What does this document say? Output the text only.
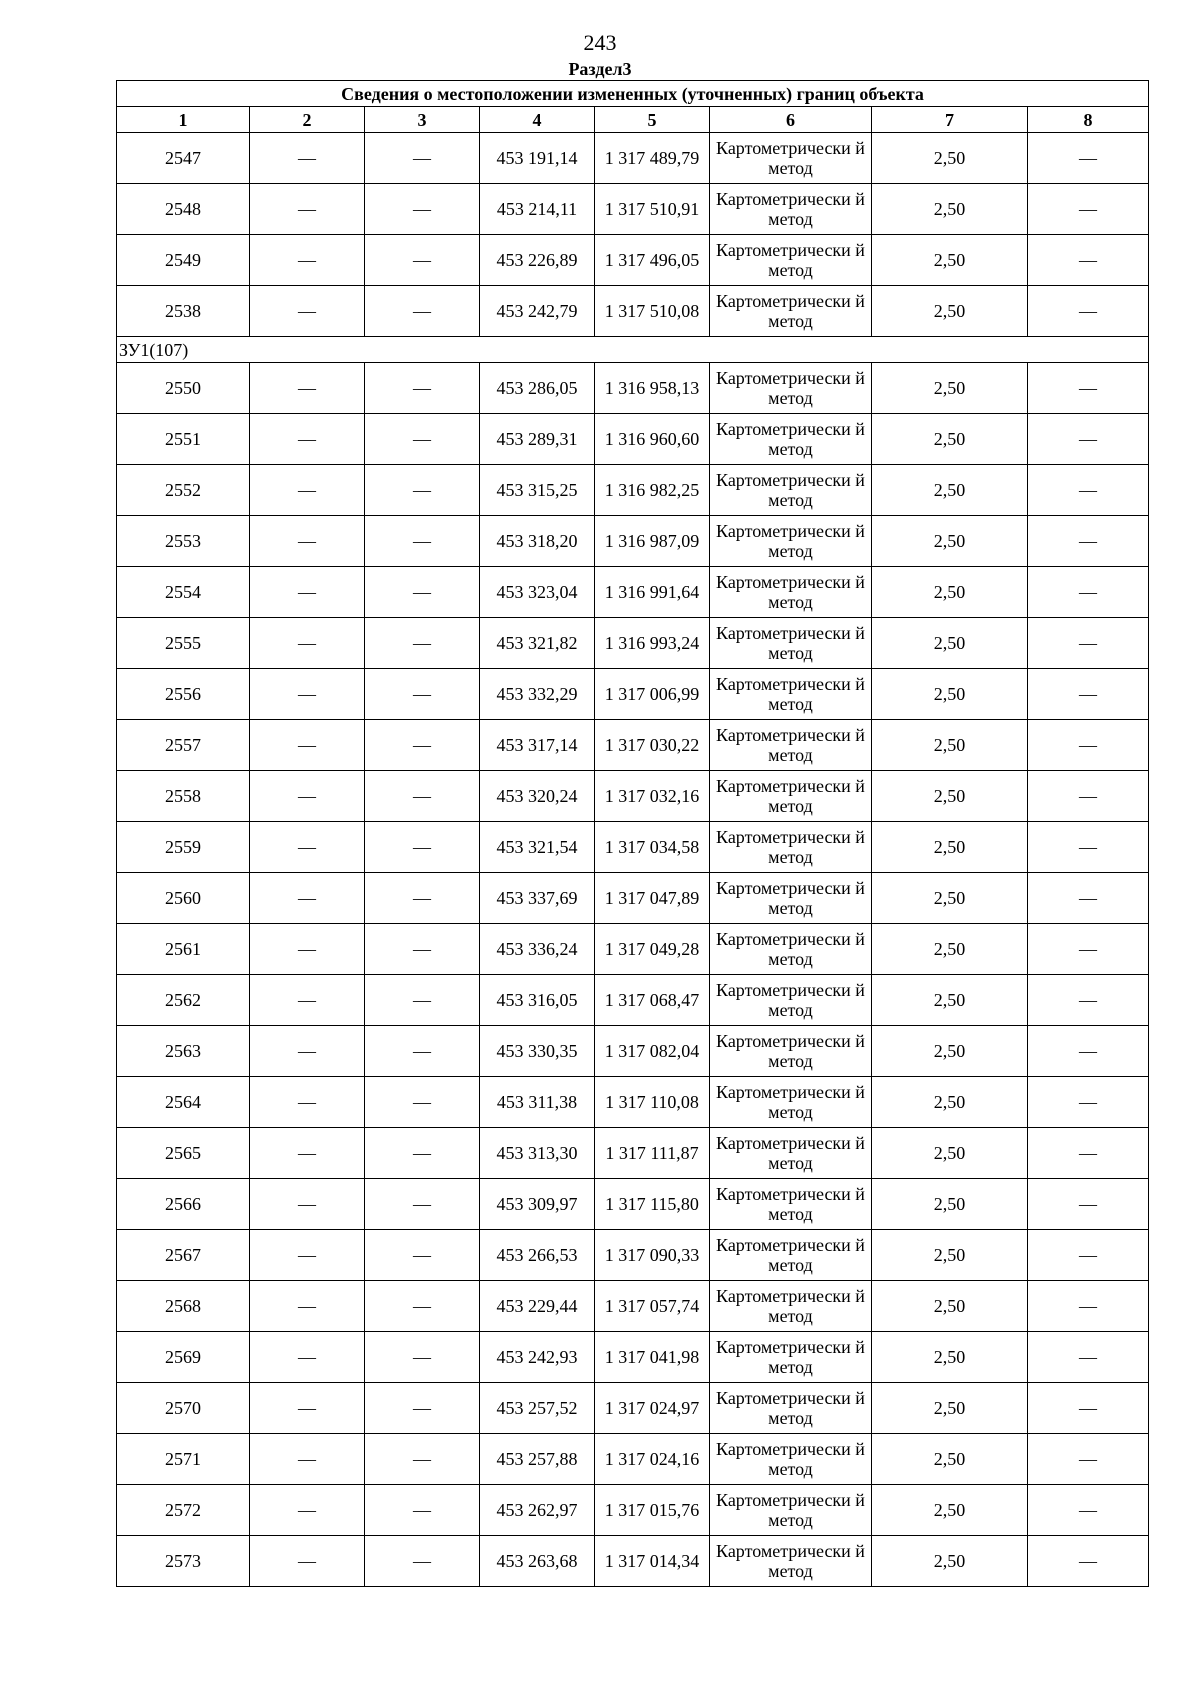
243
Раздел3
Сведения о местоположении измененных (уточненных) границ объекта							
1	2	3	4	5	6	7	8
2547	—	—	453 191,14	1 317 489,79	Картометрически й метод	2,50	—
2548	—	—	453 214,11	1 317 510,91	Картометрически й метод	2,50	—
2549	—	—	453 226,89	1 317 496,05	Картометрически й метод	2,50	—
2538	—	—	453 242,79	1 317 510,08	Картометрически й метод	2,50	—
ЗУ1(107)							
2550	—	—	453 286,05	1 316 958,13	Картометрически й метод	2,50	—
2551	—	—	453 289,31	1 316 960,60	Картометрически й метод	2,50	—
2552	—	—	453 315,25	1 316 982,25	Картометрически й метод	2,50	—
2553	—	—	453 318,20	1 316 987,09	Картометрически й метод	2,50	—
2554	—	—	453 323,04	1 316 991,64	Картометрически й метод	2,50	—
2555	—	—	453 321,82	1 316 993,24	Картометрически й метод	2,50	—
2556	—	—	453 332,29	1 317 006,99	Картометрически й метод	2,50	—
2557	—	—	453 317,14	1 317 030,22	Картометрически й метод	2,50	—
2558	—	—	453 320,24	1 317 032,16	Картометрически й метод	2,50	—
2559	—	—	453 321,54	1 317 034,58	Картометрически й метод	2,50	—
2560	—	—	453 337,69	1 317 047,89	Картометрически й метод	2,50	—
2561	—	—	453 336,24	1 317 049,28	Картометрически й метод	2,50	—
2562	—	—	453 316,05	1 317 068,47	Картометрически й метод	2,50	—
2563	—	—	453 330,35	1 317 082,04	Картометрически й метод	2,50	—
2564	—	—	453 311,38	1 317 110,08	Картометрически й метод	2,50	—
2565	—	—	453 313,30	1 317 111,87	Картометрически й метод	2,50	—
2566	—	—	453 309,97	1 317 115,80	Картометрически й метод	2,50	—
2567	—	—	453 266,53	1 317 090,33	Картометрически й метод	2,50	—
2568	—	—	453 229,44	1 317 057,74	Картометрически й метод	2,50	—
2569	—	—	453 242,93	1 317 041,98	Картометрически й метод	2,50	—
2570	—	—	453 257,52	1 317 024,97	Картометрически й метод	2,50	—
2571	—	—	453 257,88	1 317 024,16	Картометрически й метод	2,50	—
2572	—	—	453 262,97	1 317 015,76	Картометрически й метод	2,50	—
2573	—	—	453 263,68	1 317 014,34	Картометрически й метод	2,50	—
